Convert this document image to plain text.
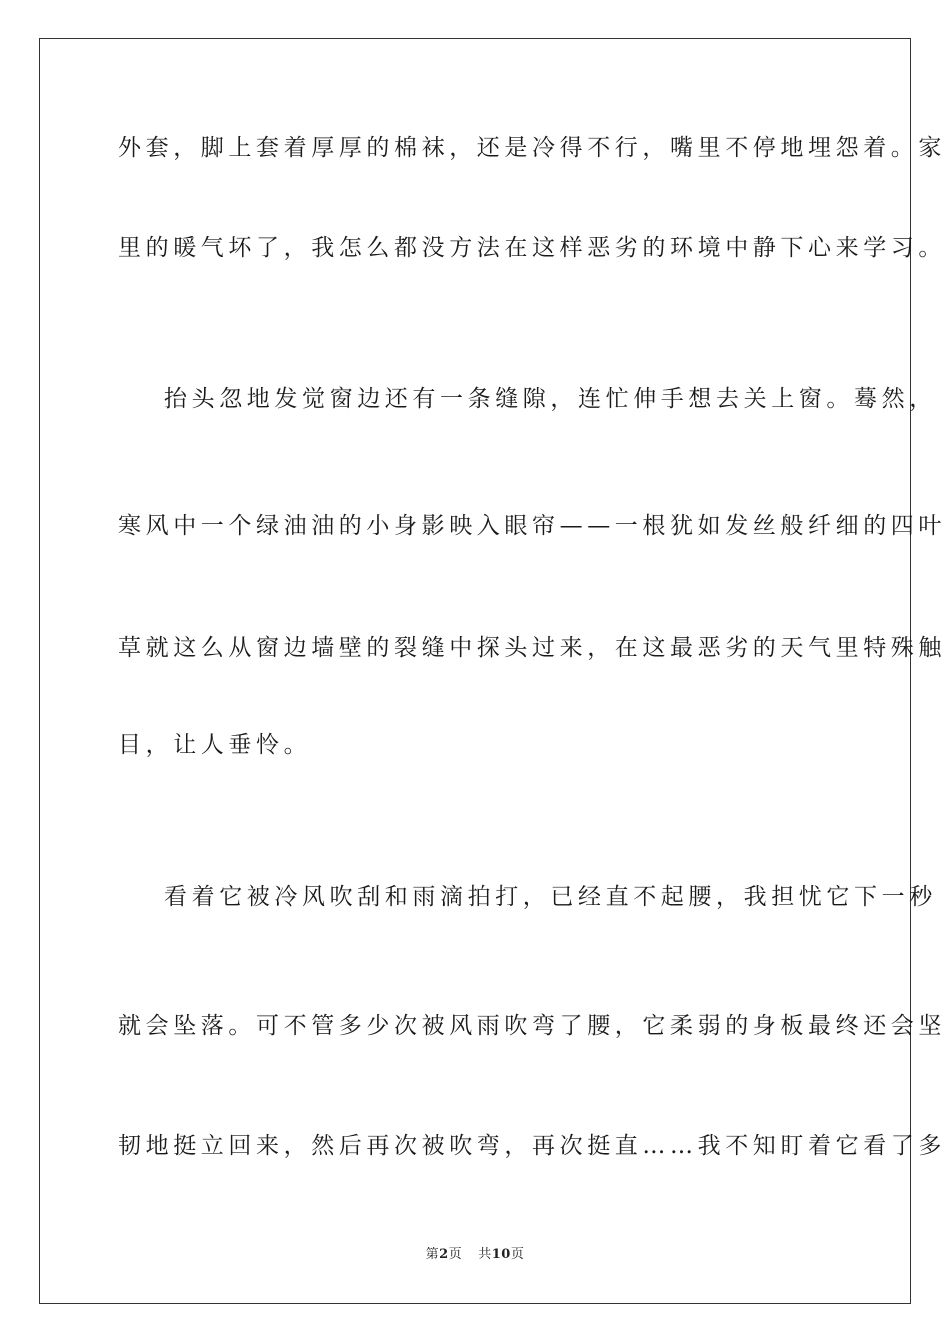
外套，脚上套着厚厚的棉袜，还是冷得不行，嘴里不停地埋怨着。家

里的暖气坏了，我怎么都没方法在这样恶劣的环境中静下心来学习。

抬头忽地发觉窗边还有一条缝隙，连忙伸手想去关上窗。蓦然，

寒风中一个绿油油的小身影映入眼帘——一根犹如发丝般纤细的四叶

草就这么从窗边墙壁的裂缝中探头过来，在这最恶劣的天气里特殊触

目，让人垂怜。

看着它被冷风吹刮和雨滴拍打，已经直不起腰，我担忧它下一秒

就会坠落。可不管多少次被风雨吹弯了腰，它柔弱的身板最终还会坚

韧地挺立回来，然后再次被吹弯，再次挺直……我不知盯着它看了多

第2页 共10页
